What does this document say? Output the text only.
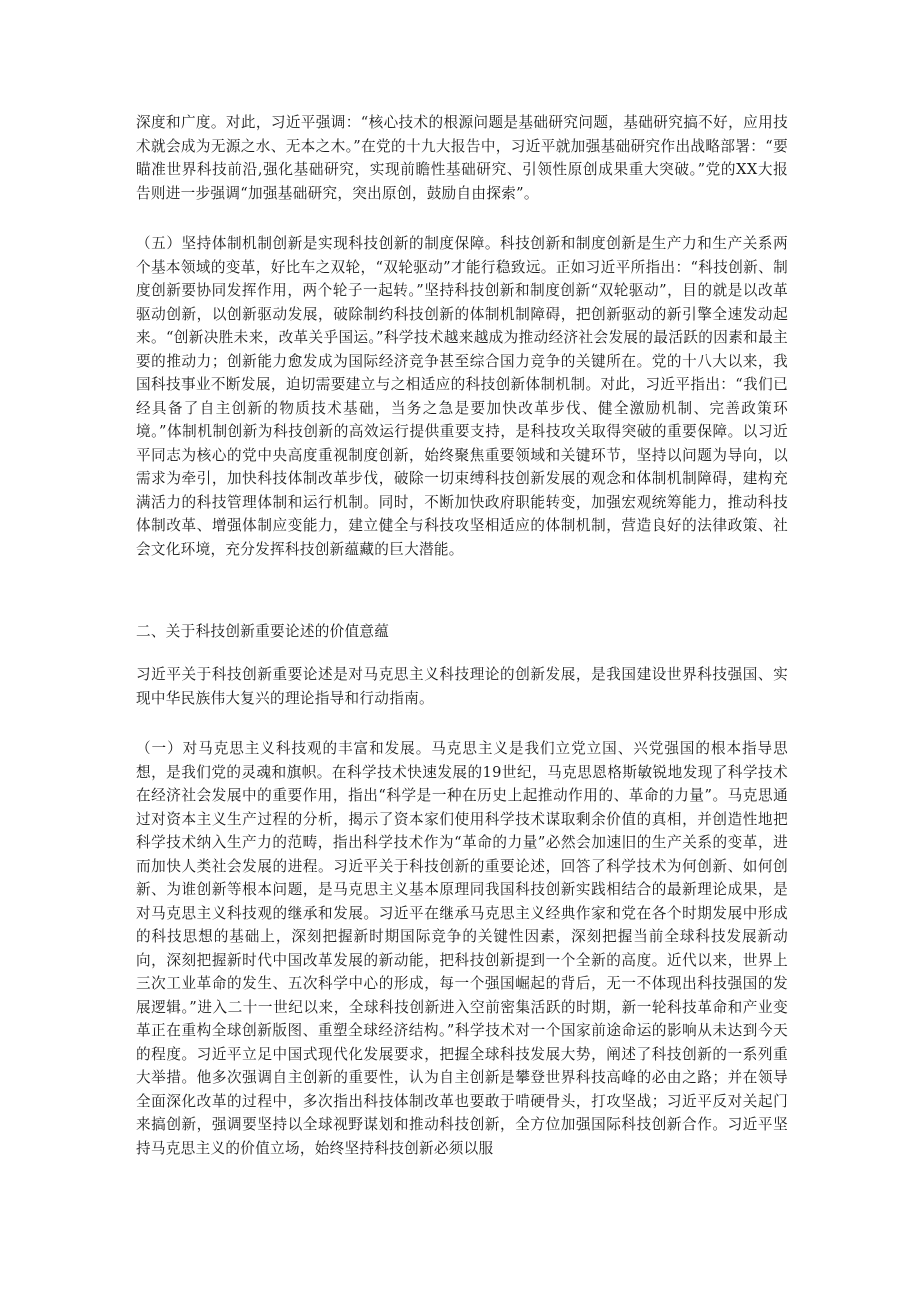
深度和广度。对此，习近平强调：“核心技术的根源问题是基础研究问题，基础研究搞不好，应用技术就会成为无源之水、无本之木。”在党的十九大报告中，习近平就加强基础研究作出战略部署：“要瞄准世界科技前沿,强化基础研究，实现前瞻性基础研究、引领性原创成果重大突破。”党的XX大报告则进一步强调“加强基础研究，突出原创，鼓励自由探索”。

（五）坚持体制机制创新是实现科技创新的制度保障。科技创新和制度创新是生产力和生产关系两个基本领域的变革，好比车之双轮，“双轮驱动”才能行稳致远。正如习近平所指出：“科技创新、制度创新要协同发挥作用，两个轮子一起转。”坚持科技创新和制度创新“双轮驱动”，目的就是以改革驱动创新，以创新驱动发展，破除制约科技创新的体制机制障碍，把创新驱动的新引擎全速发动起来。“创新决胜未来，改革关乎国运。”科学技术越来越成为推动经济社会发展的最活跃的因素和最主要的推动力；创新能力愈发成为国际经济竞争甚至综合国力竞争的关键所在。党的十八大以来，我国科技事业不断发展，迫切需要建立与之相适应的科技创新体制机制。对此，习近平指出：“我们已经具备了自主创新的物质技术基础，当务之急是要加快改革步伐、健全激励机制、完善政策环境。”体制机制创新为科技创新的高效运行提供重要支持，是科技攻关取得突破的重要保障。以习近平同志为核心的党中央高度重视制度创新，始终聚焦重要领域和关键环节，坚持以问题为导向，以需求为牵引，加快科技体制改革步伐，破除一切束缚科技创新发展的观念和体制机制障碍，建构充满活力的科技管理体制和运行机制。同时，不断加快政府职能转变，加强宏观统筹能力，推动科技体制改革、增强体制应变能力，建立健全与科技攻坚相适应的体制机制，营造良好的法律政策、社会文化环境，充分发挥科技创新蕴藏的巨大潜能。

二、关于科技创新重要论述的价值意蕴

习近平关于科技创新重要论述是对马克思主义科技理论的创新发展，是我国建设世界科技强国、实现中华民族伟大复兴的理论指导和行动指南。

（一）对马克思主义科技观的丰富和发展。马克思主义是我们立党立国、兴党强国的根本指导思想，是我们党的灵魂和旗帜。在科学技术快速发展的19世纪，马克思恩格斯敏锐地发现了科学技术在经济社会发展中的重要作用，指出“科学是一种在历史上起推动作用的、革命的力量”。马克思通过对资本主义生产过程的分析，揭示了资本家们使用科学技术谋取剩余价值的真相，并创造性地把科学技术纳入生产力的范畴，指出科学技术作为“革命的力量”必然会加速旧的生产关系的变革，进而加快人类社会发展的进程。习近平关于科技创新的重要论述，回答了科学技术为何创新、如何创新、为谁创新等根本问题，是马克思主义基本原理同我国科技创新实践相结合的最新理论成果，是对马克思主义科技观的继承和发展。习近平在继承马克思主义经典作家和党在各个时期发展中形成的科技思想的基础上，深刻把握新时期国际竞争的关键性因素，深刻把握当前全球科技发展新动向，深刻把握新时代中国改革发展的新动能，把科技创新提到一个全新的高度。近代以来，世界上三次工业革命的发生、五次科学中心的形成，每一个强国崛起的背后，无一不体现出科技强国的发展逻辑。”进入二十一世纪以来，全球科技创新进入空前密集活跃的时期，新一轮科技革命和产业变革正在重构全球创新版图、重塑全球经济结构。”科学技术对一个国家前途命运的影响从未达到今天的程度。习近平立足中国式现代化发展要求，把握全球科技发展大势，阐述了科技创新的一系列重大举措。他多次强调自主创新的重要性，认为自主创新是攀登世界科技高峰的必由之路；并在领导全面深化改革的过程中，多次指出科技体制改革也要敢于啃硬骨头，打攻坚战；习近平反对关起门来搞创新，强调要坚持以全球视野谋划和推动科技创新，全方位加强国际科技创新合作。习近平坚持马克思主义的价值立场，始终坚持科技创新必须以服
